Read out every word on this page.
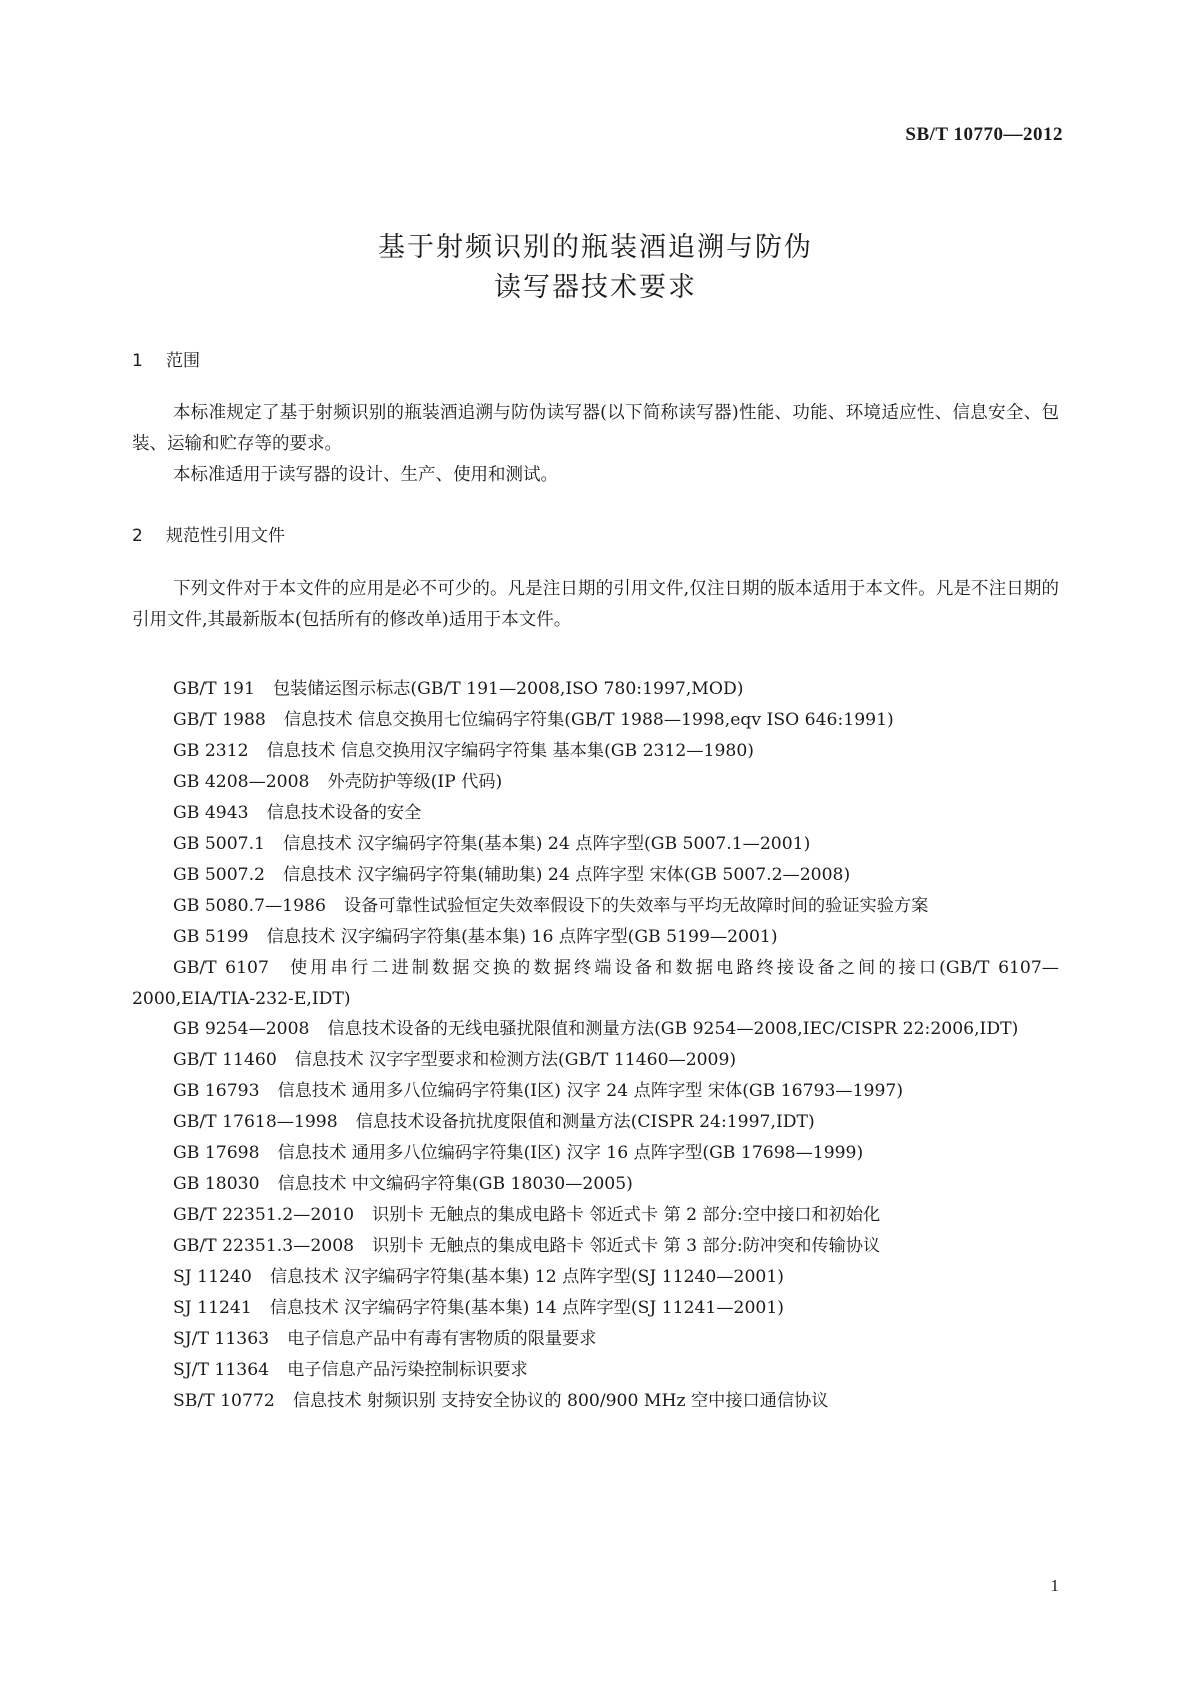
SB/T 10770—2012
基于射频识别的瓶装酒追溯与防伪
读写器技术要求
1 范围

本标准规定了基于射频识别的瓶装酒追溯与防伪读写器(以下简称读写器)性能、功能、环境适应性、信息安全、包装、运输和贮存等的要求。

本标准适用于读写器的设计、生产、使用和测试。

2 规范性引用文件

下列文件对于本文件的应用是必不可少的。凡是注日期的引用文件,仅注日期的版本适用于本文件。凡是不注日期的引用文件,其最新版本(包括所有的修改单)适用于本文件。

GB/T 191 包装储运图示标志(GB/T 191—2008,ISO 780:1997,MOD)
GB/T 1988 信息技术 信息交换用七位编码字符集(GB/T 1988—1998,eqv ISO 646:1991)
GB 2312 信息技术 信息交换用汉字编码字符集 基本集(GB 2312—1980)
GB 4208—2008 外壳防护等级(IP 代码)
GB 4943 信息技术设备的安全
GB 5007.1 信息技术 汉字编码字符集(基本集) 24 点阵字型(GB 5007.1—2001)
GB 5007.2 信息技术 汉字编码字符集(辅助集) 24 点阵字型 宋体(GB 5007.2—2008)
GB 5080.7—1986 设备可靠性试验恒定失效率假设下的失效率与平均无故障时间的验证实验方案
GB 5199 信息技术 汉字编码字符集(基本集) 16 点阵字型(GB 5199—2001)
GB/T 6107 使用串行二进制数据交换的数据终端设备和数据电路终接设备之间的接口(GB/T 6107—2000,EIA/TIA-232-E,IDT)
GB 9254—2008 信息技术设备的无线电骚扰限值和测量方法(GB 9254—2008,IEC/CISPR 22:2006,IDT)
GB/T 11460 信息技术 汉字字型要求和检测方法(GB/T 11460—2009)
GB 16793 信息技术 通用多八位编码字符集(Ⅰ区) 汉字 24 点阵字型 宋体(GB 16793—1997)
GB/T 17618—1998 信息技术设备抗扰度限值和测量方法(CISPR 24:1997,IDT)
GB 17698 信息技术 通用多八位编码字符集(Ⅰ区) 汉字 16 点阵字型(GB 17698—1999)
GB 18030 信息技术 中文编码字符集(GB 18030—2005)
GB/T 22351.2—2010 识别卡 无触点的集成电路卡 邻近式卡 第 2 部分:空中接口和初始化
GB/T 22351.3—2008 识别卡 无触点的集成电路卡 邻近式卡 第 3 部分:防冲突和传输协议
SJ 11240 信息技术 汉字编码字符集(基本集) 12 点阵字型(SJ 11240—2001)
SJ 11241 信息技术 汉字编码字符集(基本集) 14 点阵字型(SJ 11241—2001)
SJ/T 11363 电子信息产品中有毒有害物质的限量要求
SJ/T 11364 电子信息产品污染控制标识要求
SB/T 10772 信息技术 射频识别 支持安全协议的 800/900 MHz 空中接口通信协议
1
